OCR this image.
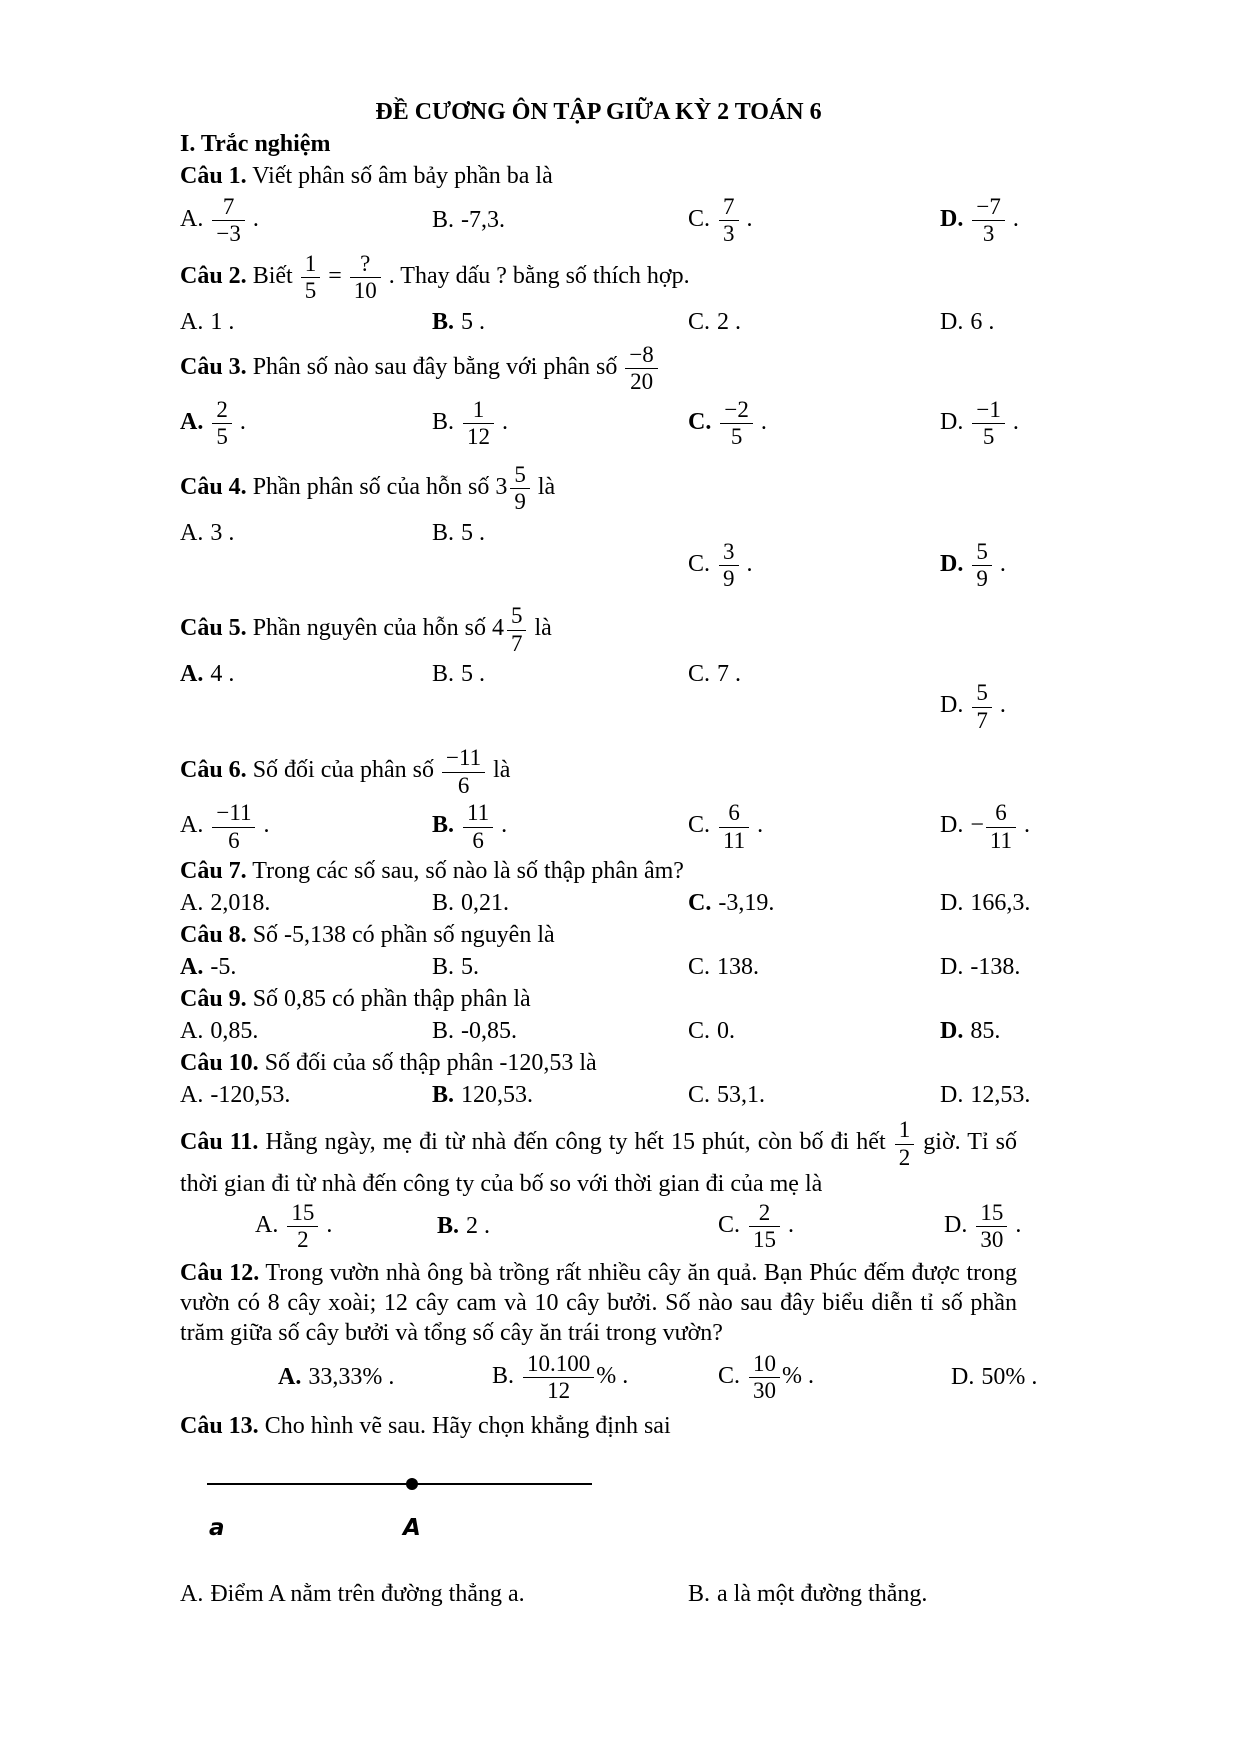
ĐỀ CƯƠNG ÔN TẬP GIỮA KỲ 2 TOÁN 6

I. Trắc nghiệm

Câu 1. Viết phân số âm bảy phần ba là

A. $\frac{7}{-3}$ .	B. -7,3.	C. $\frac{7}{3}$ .	D. $\frac{-7}{3}$ .

Câu 2. Biết $\frac{1}{5} = \frac{?}{10}$ . Thay dấu ? bằng số thích hợp.

A. 1 .	B. 5 .	C. 2 .	D. 6 .

Câu 3. Phân số nào sau đây bằng với phân số $\frac{-8}{20}$

A. $\frac{2}{5}$ .	B. $\frac{1}{12}$ .	C. $\frac{-2}{5}$ .	D. $\frac{-1}{5}$ .

Câu 4. Phần phân số của hỗn số $3 \frac{5}{9}$ là

A. 3 .	B. 5 .
C. $\frac{3}{9}$ .	D. $\frac{5}{9}$ .

Câu 5. Phần nguyên của hỗn số $4 \frac{5}{7}$ là

A. 4 .	B. 5 .	C. 7 .
D. $\frac{5}{7}$ .

Câu 6. Số đối của phân số $\frac{-11}{6}$ là

A. $\frac{-11}{6}$ .	B. $\frac{11}{6}$ .	C. $\frac{6}{11}$ .	D. − $\frac{6}{11}$ .

Câu 7. Trong các số sau, số nào là số thập phân âm?

A. 2,018.	B. 0,21.	C. -3,19.	D. 166,3.

Câu 8. Số -5,138 có phần số nguyên là

A. -5.	B. 5.	C. 138.	D. -138.

Câu 9. Số 0,85 có phần thập phân là

A. 0,85.	B. -0,85.	C. 0.	D. 85.

Câu 10. Số đối của số thập phân -120,53 là

A. -120,53.	B. 120,53.	C. 53,1.	D. 12,53.

Câu 11. Hằng ngày, mẹ đi từ nhà đến công ty hết 15 phút, còn bố đi hết $\frac{1}{2}$ giờ. Tỉ số thời gian đi từ nhà đến công ty của bố so với thời gian đi của mẹ là

A. $\frac{15}{2}$ .	B. 2 .	C. $\frac{2}{15}$ .	D. $\frac{15}{30}$ .

Câu 12. Trong vườn nhà ông bà trồng rất nhiều cây ăn quả. Bạn Phúc đếm được trong vườn có 8 cây xoài; 12 cây cam và 10 cây bưởi. Số nào sau đây biểu diễn tỉ số phần trăm giữa số cây bưởi và tổng số cây ăn trái trong vườn?

A. 33,33% .	B. $\frac{10.100}{12}$ % .	C. $\frac{10}{30}$ % .	D. 50% .

Câu 13. Cho hình vẽ sau. Hãy chọn khẳng định sai

a	A
A. Điểm A nằm trên đường thẳng a.	B. a là một đường thẳng.
